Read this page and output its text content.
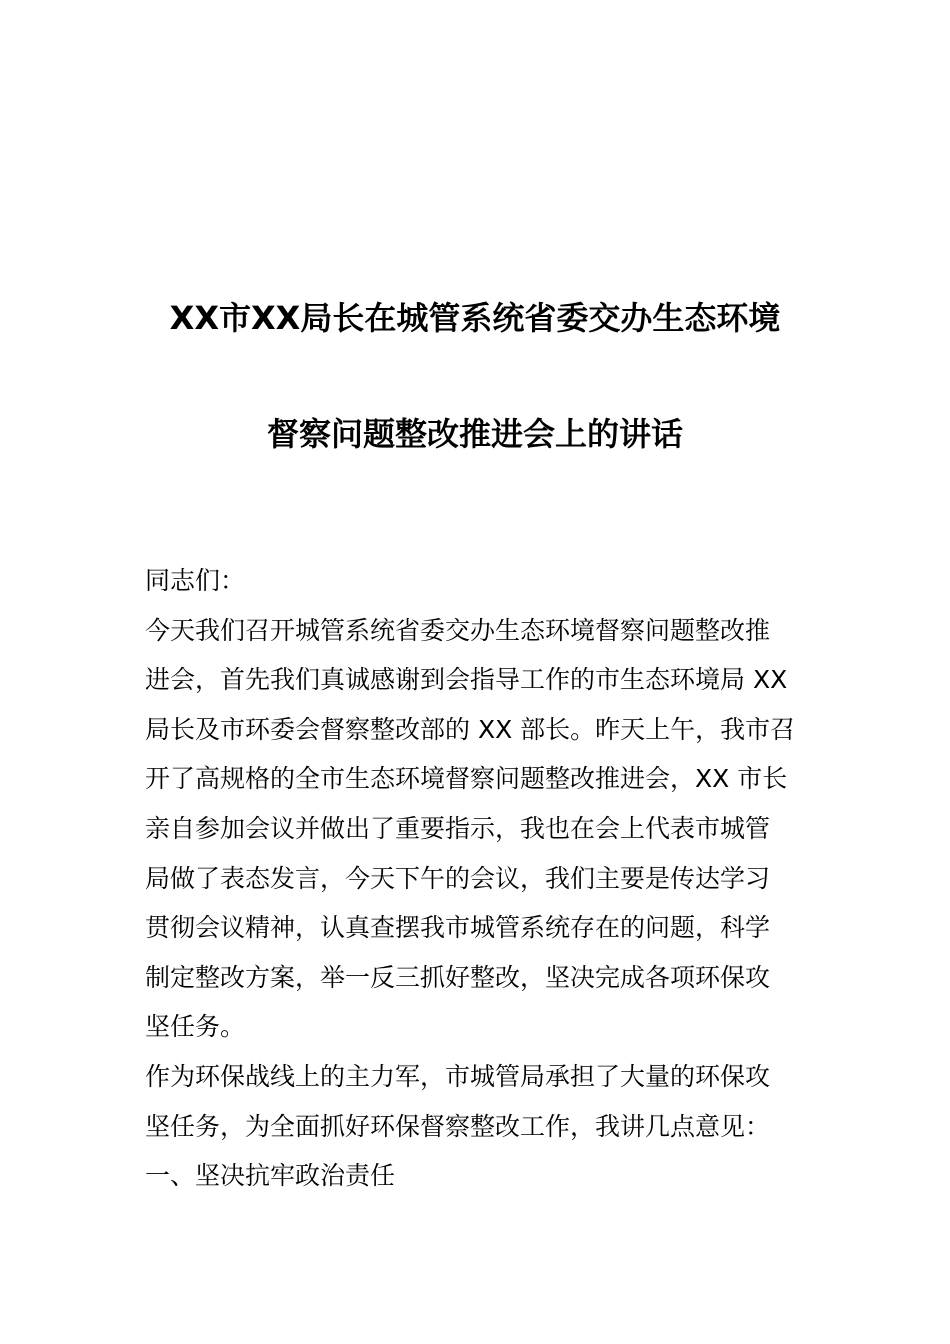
XX市XX局长在城管系统省委交办生态环境
督察问题整改推进会上的讲话
同志们：
今天我们召开城管系统省委交办生态环境督察问题整改推
进会，首先我们真诚感谢到会指导工作的市生态环境局 XX
局长及市环委会督察整改部的 XX 部长。昨天上午，我市召
开了高规格的全市生态环境督察问题整改推进会，XX 市长
亲自参加会议并做出了重要指示，我也在会上代表市城管
局做了表态发言，今天下午的会议，我们主要是传达学习
贯彻会议精神，认真查摆我市城管系统存在的问题，科学
制定整改方案，举一反三抓好整改，坚决完成各项环保攻
坚任务。
作为环保战线上的主力军，市城管局承担了大量的环保攻
坚任务，为全面抓好环保督察整改工作，我讲几点意见：
一、坚决抗牢政治责任
